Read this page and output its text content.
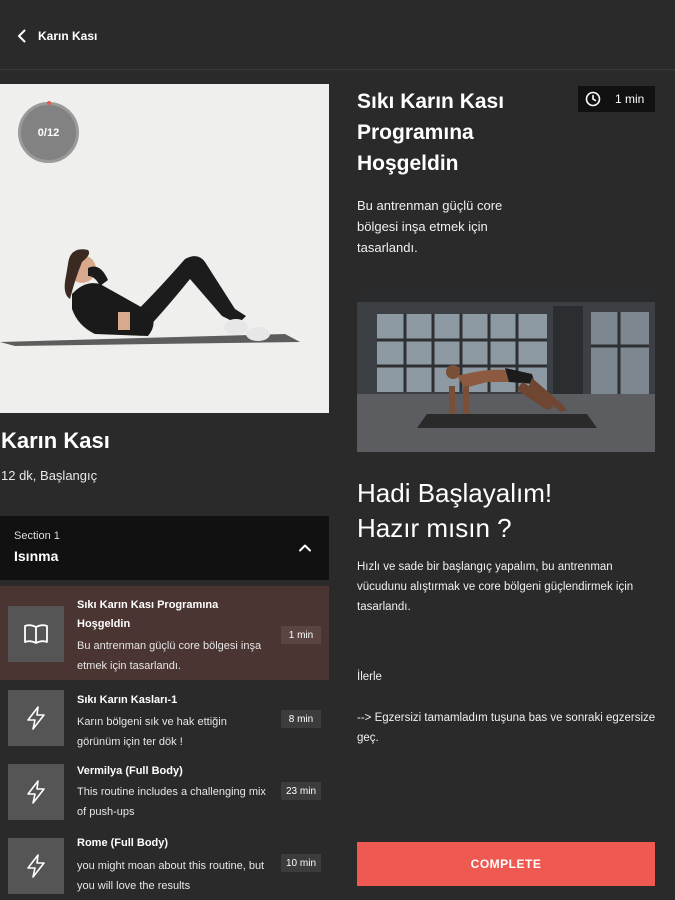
Karın Kası
0/12
Karın Kası
12 dk, Başlangıç
Section 1
Isınma
Sıkı Karın Kası Programına Hoşgeldin
Bu antrenman güçlü core bölgesi inşa etmek için tasarlandı.
1 min
Sıkı Karın Kasları-1
Karın bölgeni sık ve hak ettiğin görünüm için ter dök !
8 min
Vermilya (Full Body)
This routine includes a challenging mix of push-ups
23 min
Rome (Full Body)
you might moan about this routine, but you will love the results
10 min
Sıkı Karın Kası Programına Hoşgeldin
1 min
Bu antrenman güçlü core bölgesi inşa etmek için tasarlandı.
Hadi Başlayalım!
Hazır mısın ?
Hızlı ve sade bir başlangıç yapalım, bu antrenman vücudunu alıştırmak ve core bölgeni güçlendirmek için tasarlandı.
İlerle
--> Egzersizi tamamladım tuşuna bas ve sonraki egzersize geç.
COMPLETE
